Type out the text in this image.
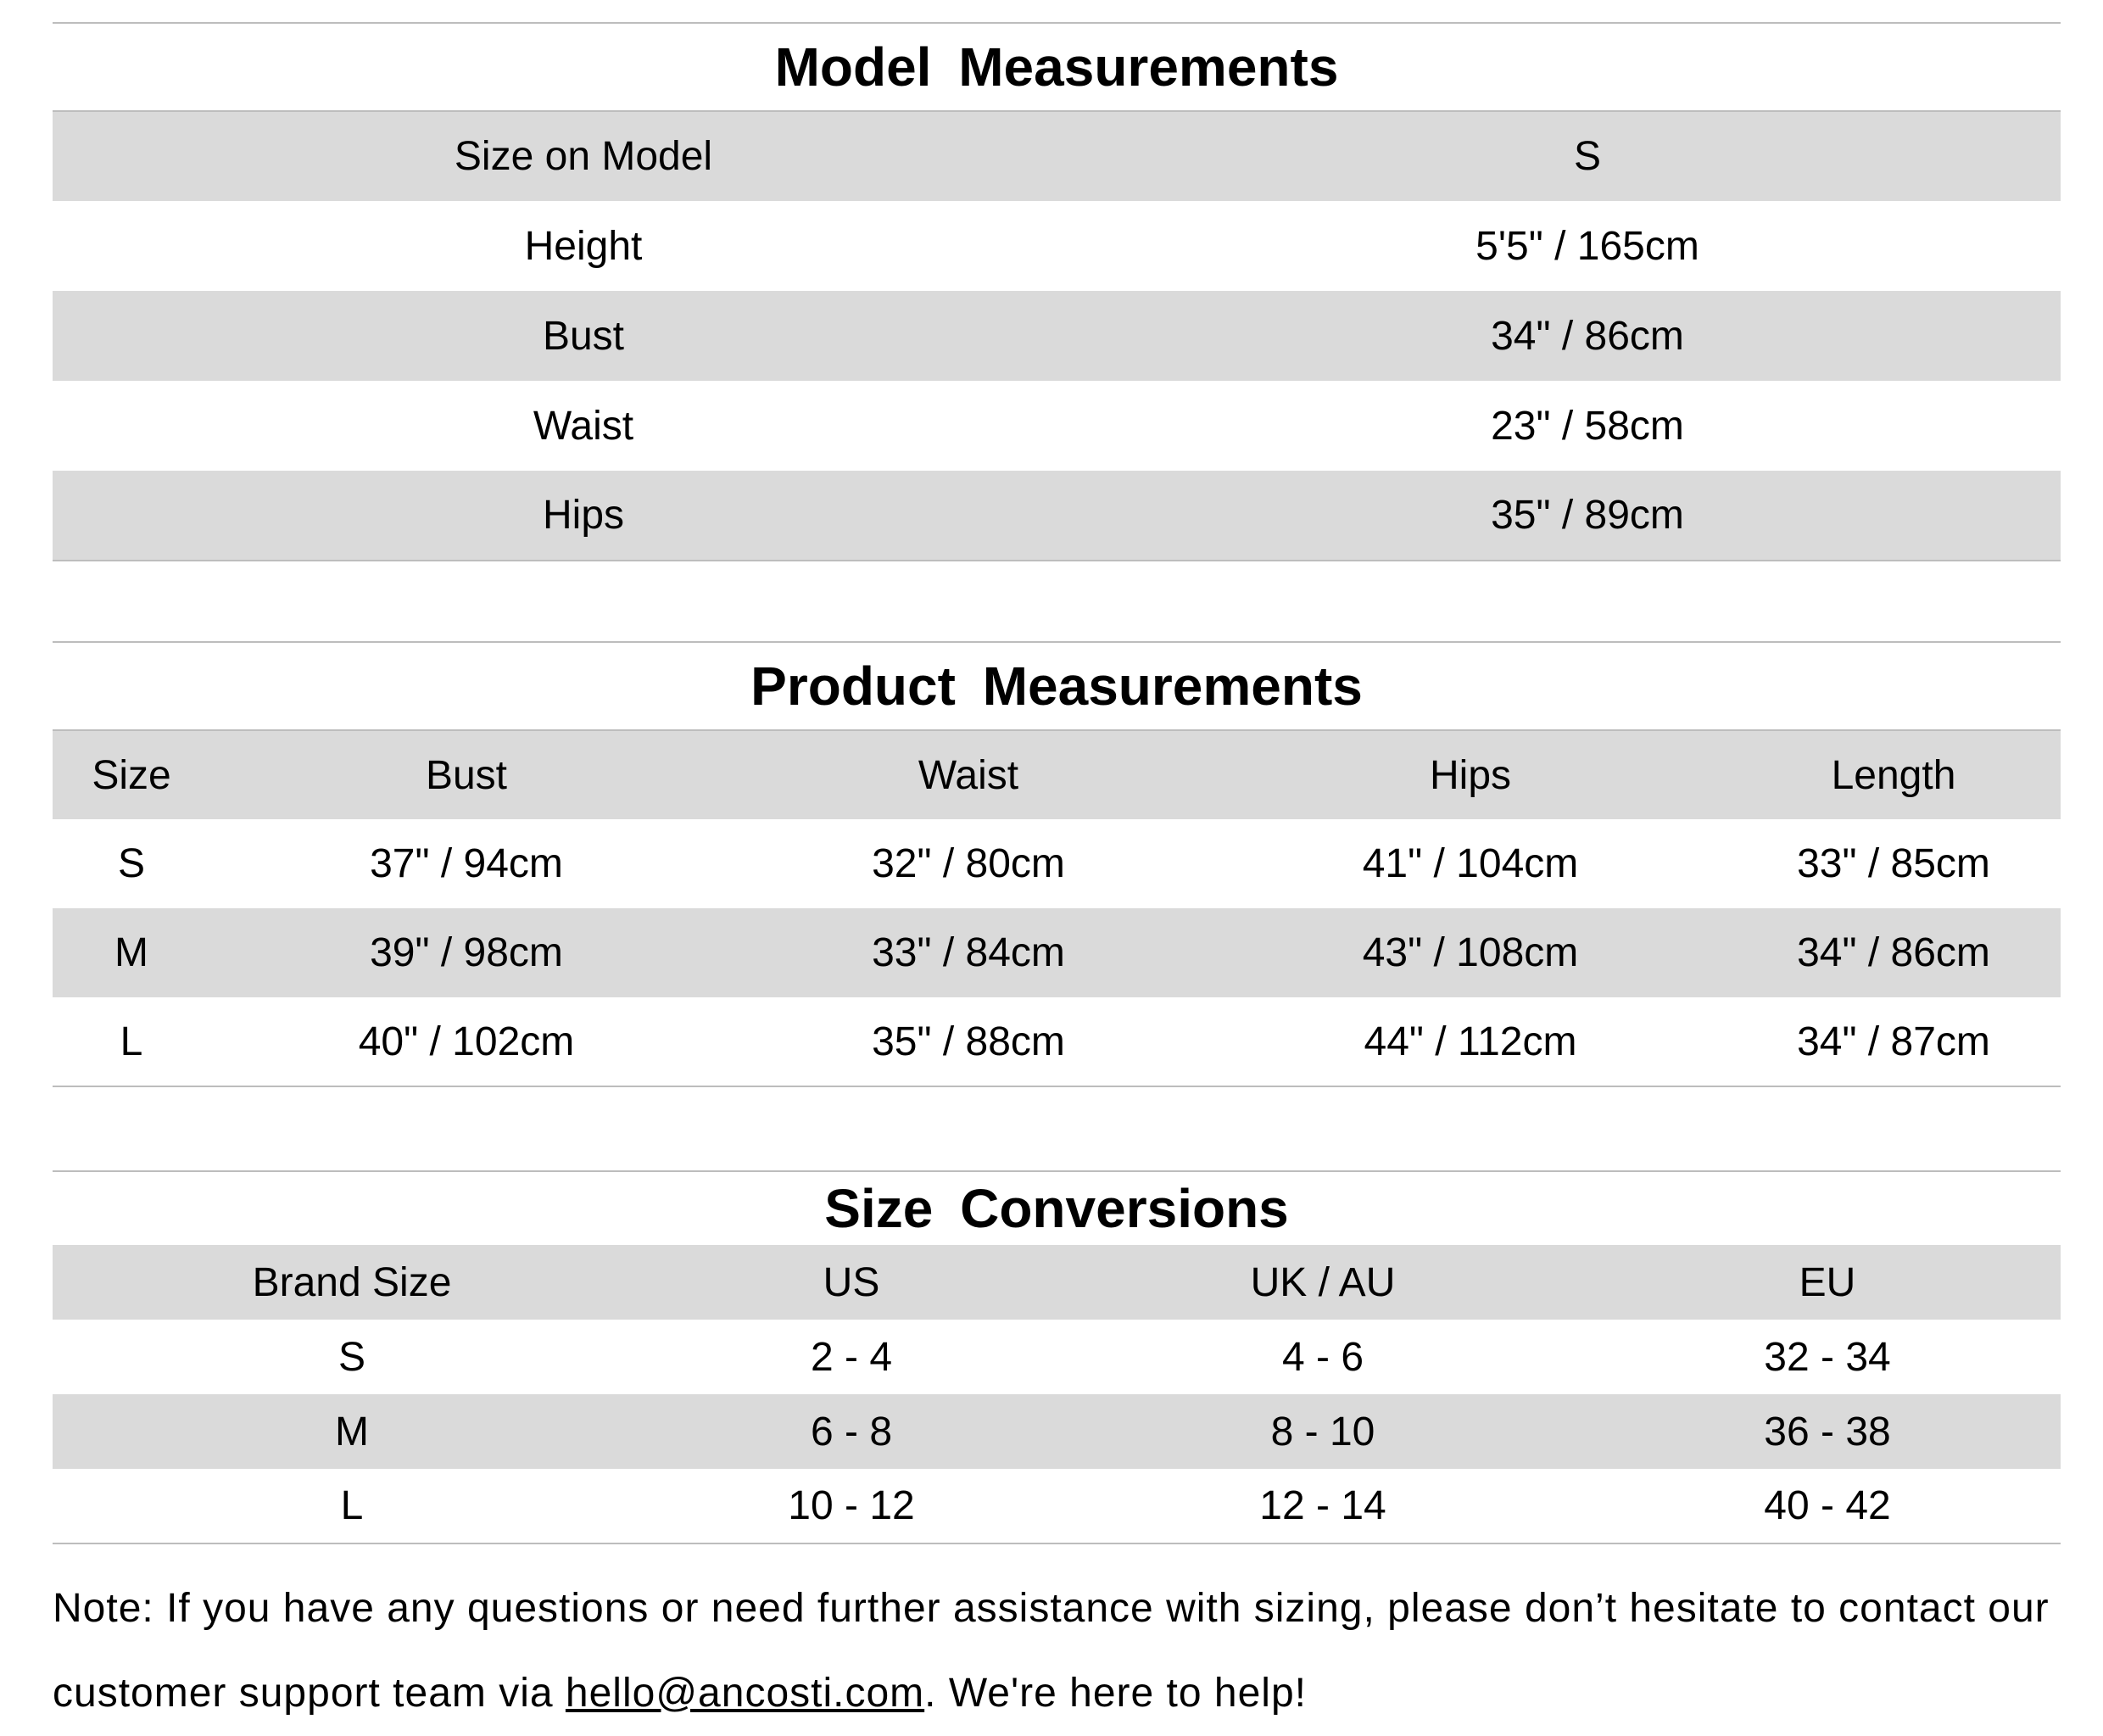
Model Measurements
Size on Model	S
Height	5'5" / 165cm
Bust	34" / 86cm
Waist	23" / 58cm
Hips	35" / 89cm
Product Measurements
Size	Bust	Waist	Hips	Length
S	37" / 94cm	32" / 80cm	41" / 104cm	33" / 85cm
M	39" / 98cm	33" / 84cm	43" / 108cm	34" / 86cm
L	40" / 102cm	35" / 88cm	44" / 112cm	34" / 87cm
Size Conversions
Brand Size	US	UK / AU	EU
S	2 - 4	4 - 6	32 - 34
M	6 - 8	8 - 10	36 - 38
L	10 - 12	12 - 14	40 - 42
Note: If you have any questions or need further assistance with sizing, please don’t hesitate to contact our customer support team via hello@ancosti.com. We're here to help!
